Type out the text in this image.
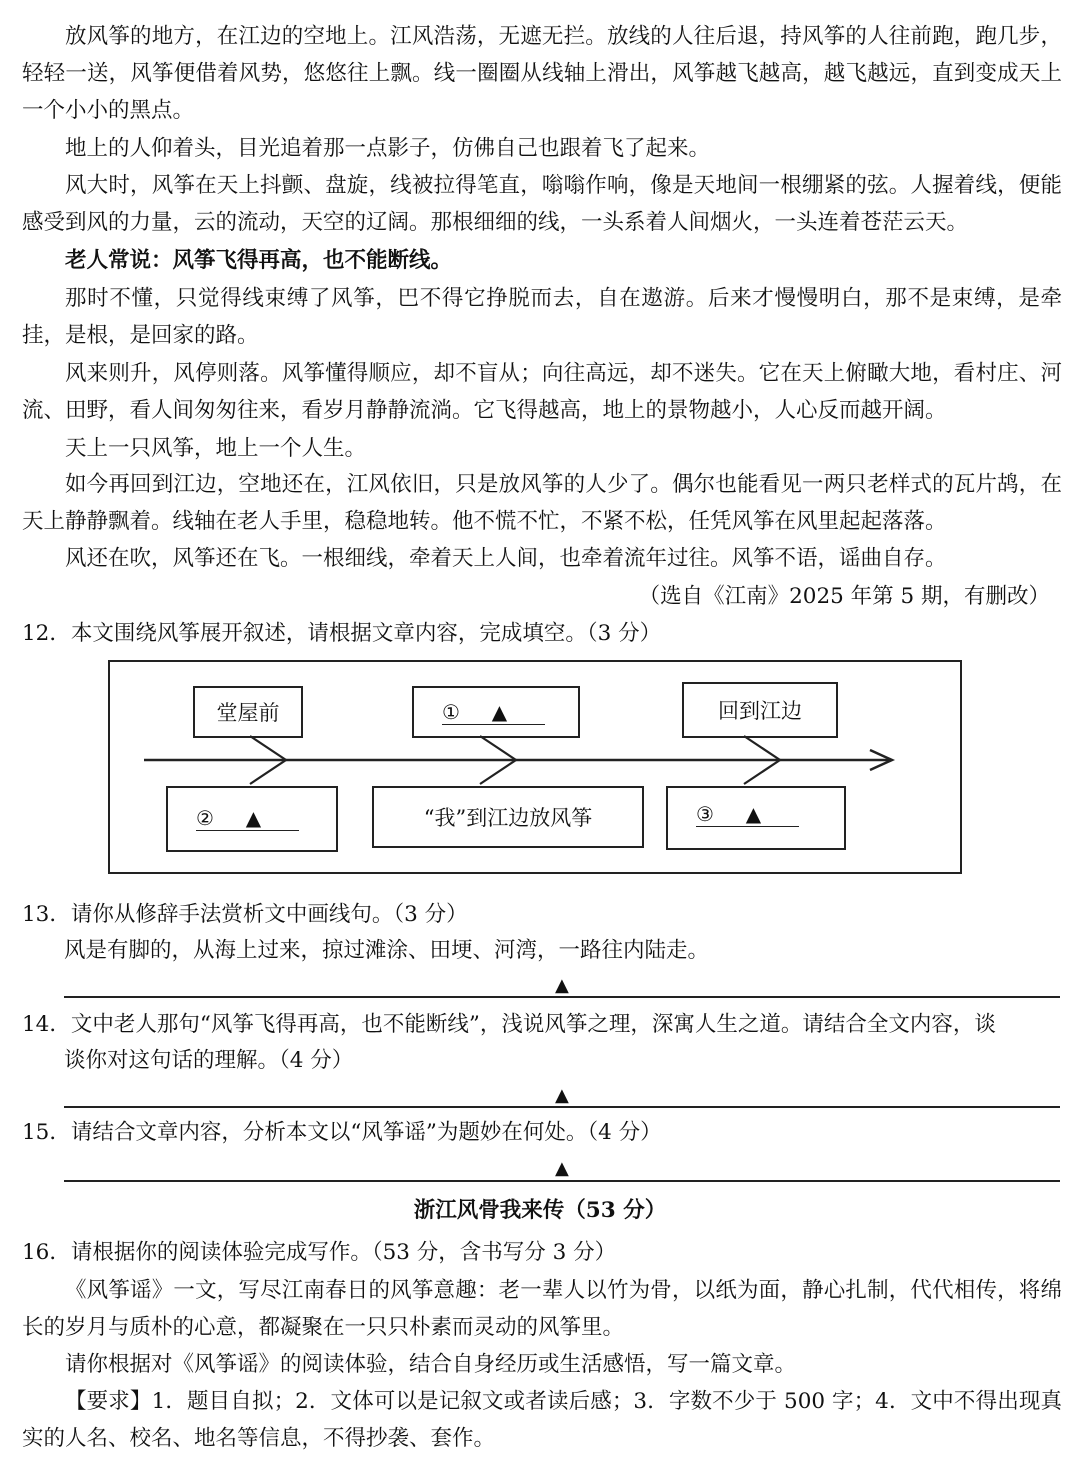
放风筝的地方，在江边的空地上。江风浩荡，无遮无拦。放线的人往后退，持风筝的人往前跑，跑几步，轻轻一送，风筝便借着风势，悠悠往上飘。线一圈圈从线轴上滑出，风筝越飞越高，越飞越远，直到变成天上一个小小的黑点。

地上的人仰着头，目光追着那一点影子，仿佛自己也跟着飞了起来。

风大时，风筝在天上抖颤、盘旋，线被拉得笔直，嗡嗡作响，像是天地间一根绷紧的弦。人握着线，便能感受到风的力量，云的流动，天空的辽阔。那根细细的线，一头系着人间烟火，一头连着苍茫云天。

老人常说：风筝飞得再高，也不能断线。

那时不懂，只觉得线束缚了风筝，巴不得它挣脱而去，自在遨游。后来才慢慢明白，那不是束缚，是牵挂，是根，是回家的路。

风来则升，风停则落。风筝懂得顺应，却不盲从；向往高远，却不迷失。它在天上俯瞰大地，看村庄、河流、田野，看人间匆匆往来，看岁月静静流淌。它飞得越高，地上的景物越小，人心反而越开阔。

天上一只风筝，地上一个人生。

如今再回到江边，空地还在，江风依旧，只是放风筝的人少了。偶尔也能看见一两只老样式的瓦片鸪，在天上静静飘着。线轴在老人手里，稳稳地转。他不慌不忙，不紧不松，任凭风筝在风里起起落落。

风还在吹，风筝还在飞。一根细线，牵着天上人间，也牵着流年过往。风筝不语，谣曲自存。

（选自《江南》2025 年第 5 期，有删改）

12．本文围绕风筝展开叙述，请根据文章内容，完成填空。（3 分）

堂屋前	① ▲	回到江边
② ▲	“我”到江边放风筝	③ ▲

13．请你从修辞手法赏析文中画线句。（3 分）

风是有脚的，从海上过来，掠过滩涂、田埂、河湾，一路往内陆走。

▲

14．文中老人那句“风筝飞得再高，也不能断线”，浅说风筝之理，深寓人生之道。请结合全文内容，谈

谈你对这句话的理解。（4 分）

▲

15．请结合文章内容，分析本文以“风筝谣”为题妙在何处。（4 分）

▲
浙江风骨我来传（53 分）

16．请根据你的阅读体验完成写作。（53 分，含书写分 3 分）

《风筝谣》一文，写尽江南春日的风筝意趣：老一辈人以竹为骨，以纸为面，静心扎制，代代相传，将绵长的岁月与质朴的心意，都凝聚在一只只朴素而灵动的风筝里。

请你根据对《风筝谣》的阅读体验，结合自身经历或生活感悟，写一篇文章。

【要求】1．题目自拟；2．文体可以是记叙文或者读后感；3．字数不少于 500 字；4．文中不得出现真实的人名、校名、地名等信息，不得抄袭、套作。
